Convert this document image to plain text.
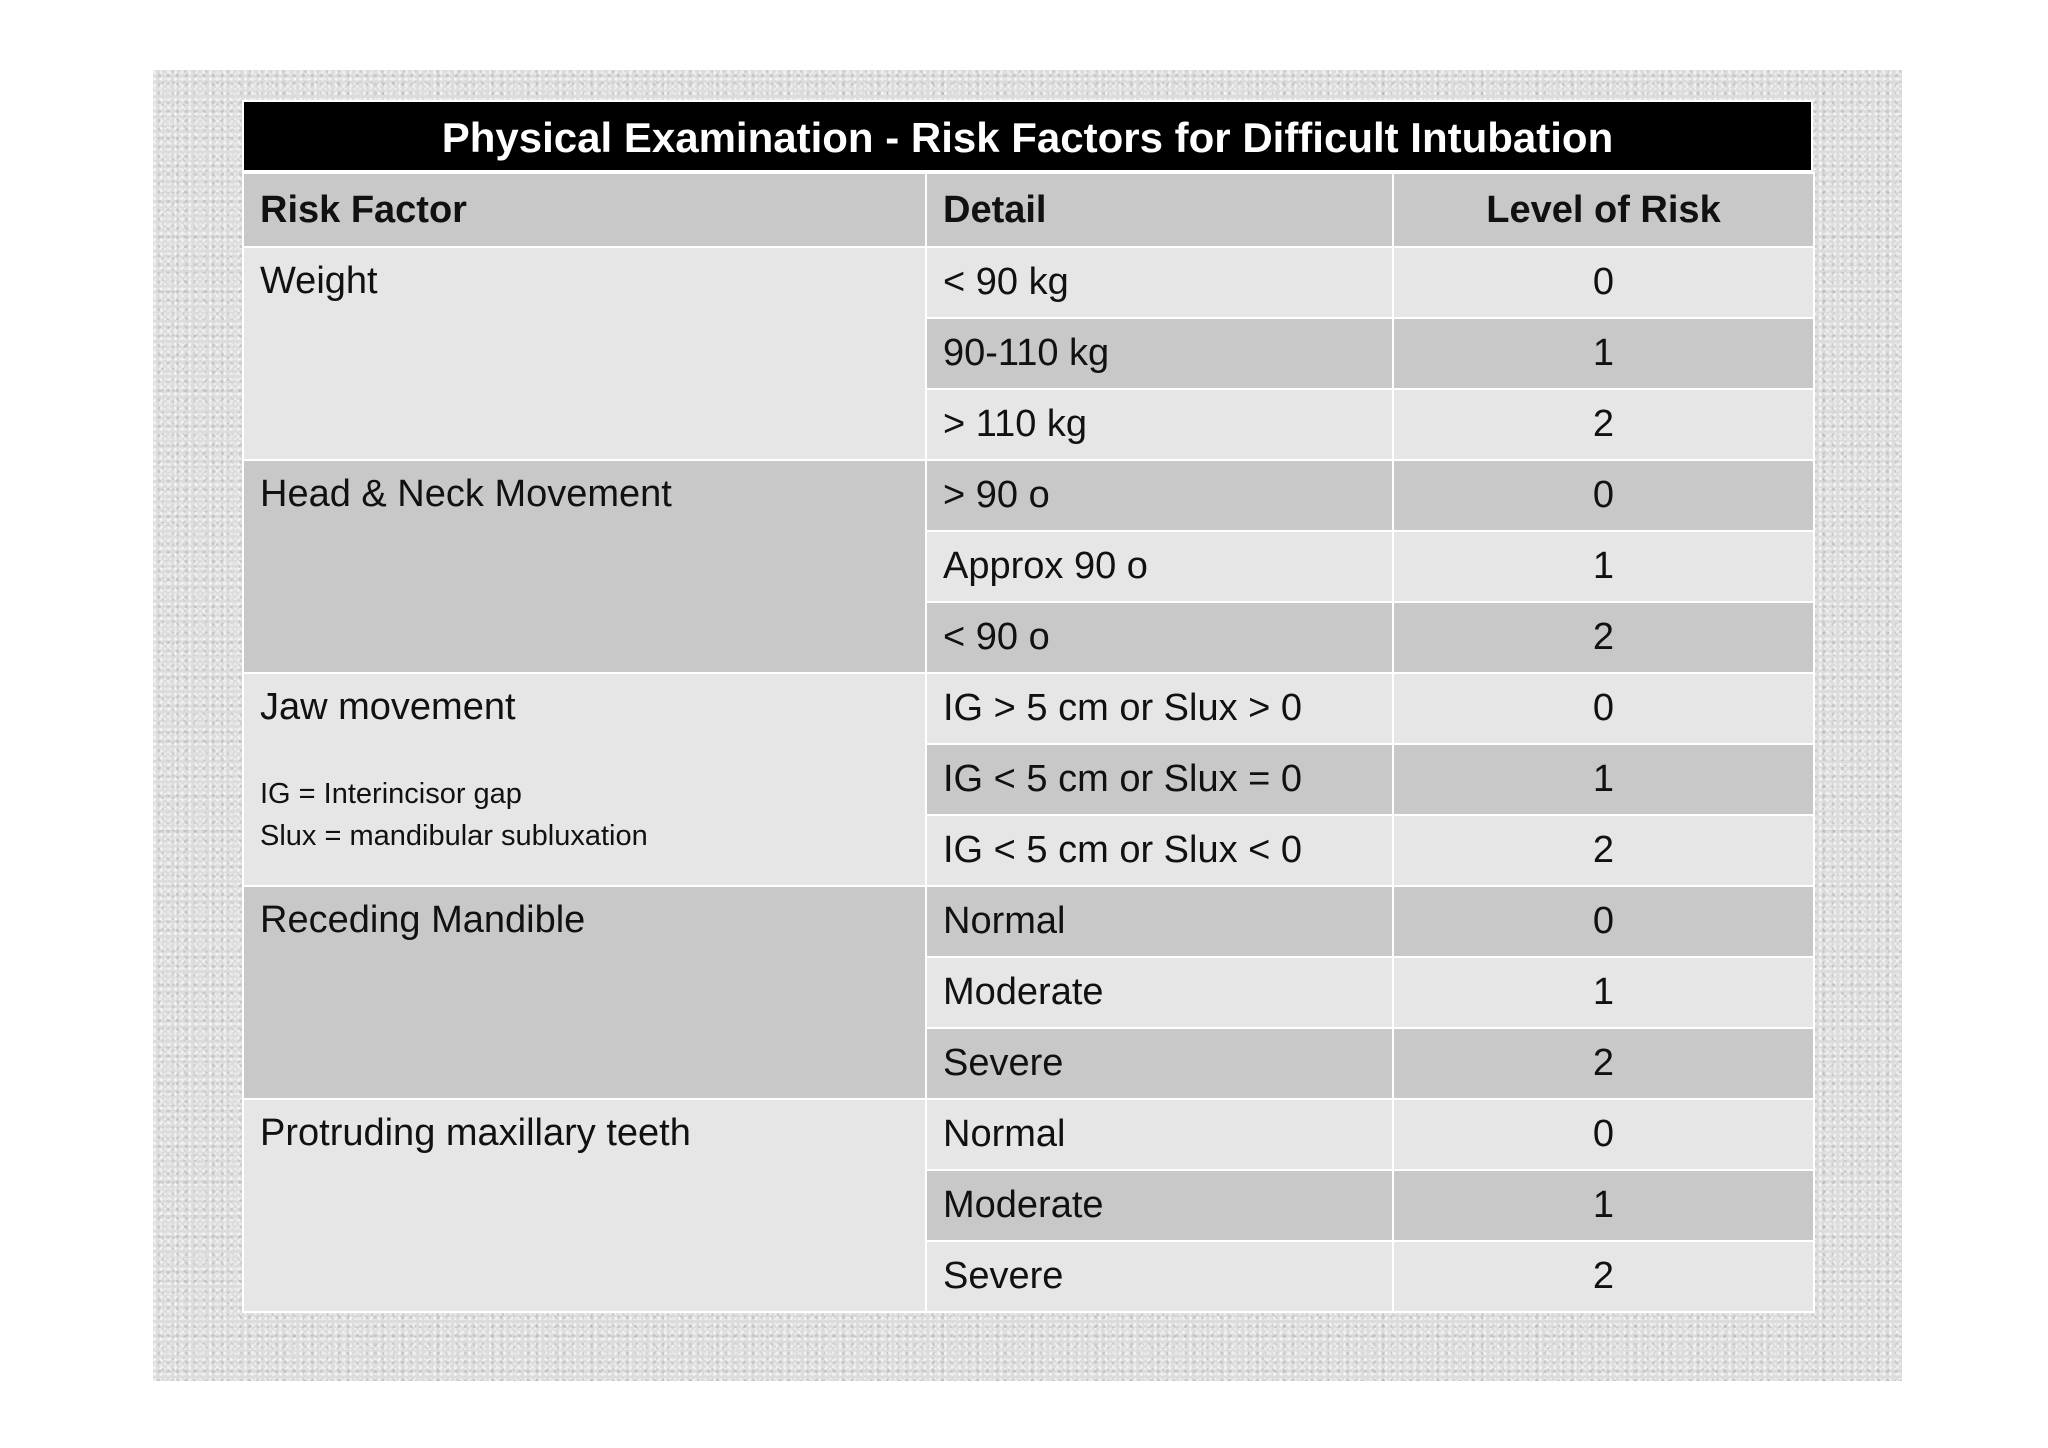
Physical Examination - Risk Factors for Difficult Intubation
Risk Factor	Detail	Level of Risk
Weight	< 90 kg	0
	90-110 kg	1
	> 110 kg	2
Head & Neck Movement	> 90 o	0
	Approx 90 o	1
	< 90 o	2

Jaw movement
IG = Interincisor gap
Slux = mandibular subluxation	IG > 5 cm or Slux > 0	0
	IG < 5 cm or Slux = 0	1
	IG < 5 cm or Slux < 0	2
Receding Mandible	Normal	0
	Moderate	1
	Severe	2
Protruding maxillary teeth	Normal	0
	Moderate	1
	Severe	2
